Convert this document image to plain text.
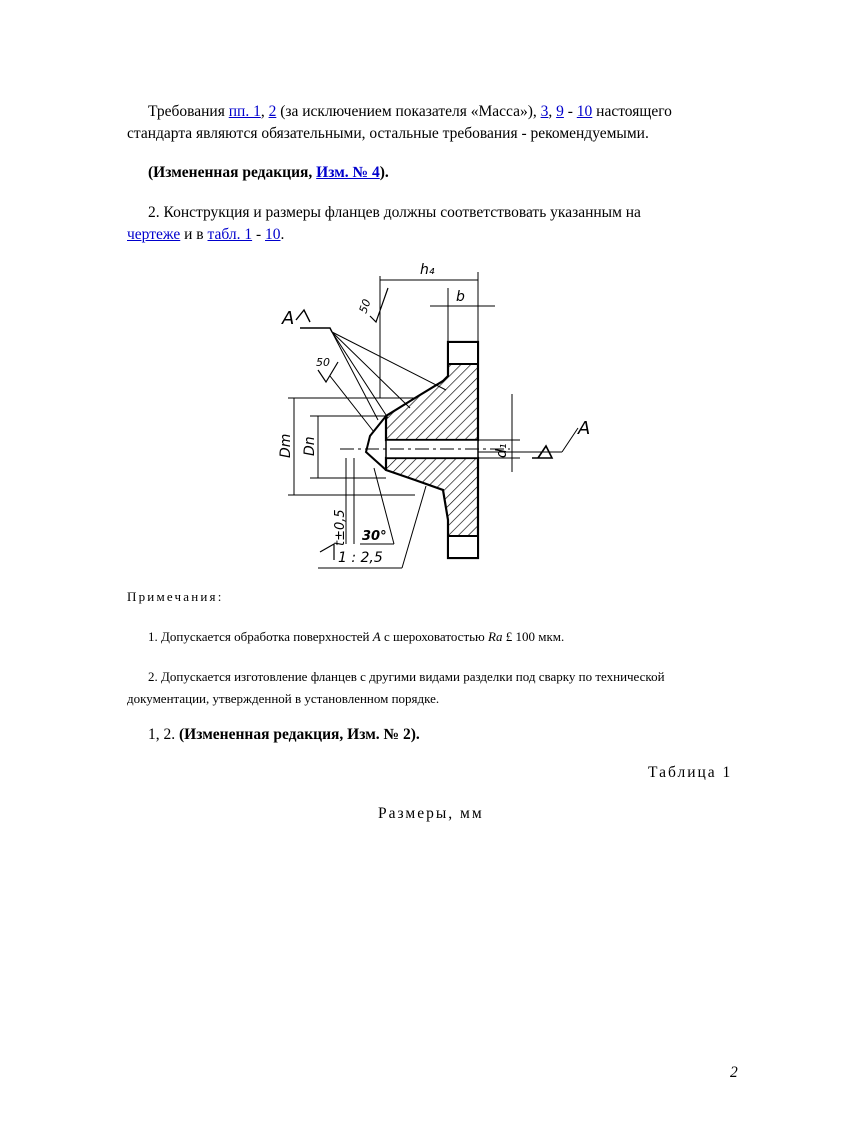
Требования пп. 1, 2 (за исключением показателя «Масса»), 3, 9 - 10 настоящего

стандарта являются обязательными, остальные требования - рекомендуемыми.

(Измененная редакция, Изм. № 4).

2. Конструкция и размеры фланцев должны соответствовать указанным на

чертеже и в табл. 1 - 10.

h₄
b
50
A
50
Dm Dn
t±0,5 30°
1 : 2,5
d₁
A

Примечания:

1. Допускается обработка поверхностей А с шероховатостью Ra £ 100 мкм.

2. Допускается изготовление фланцев с другими видами разделки под сварку по технической

документации, утвержденной в установленном порядке.

1, 2. (Измененная редакция, Изм. № 2).

Таблица 1

Размеры, мм

2
